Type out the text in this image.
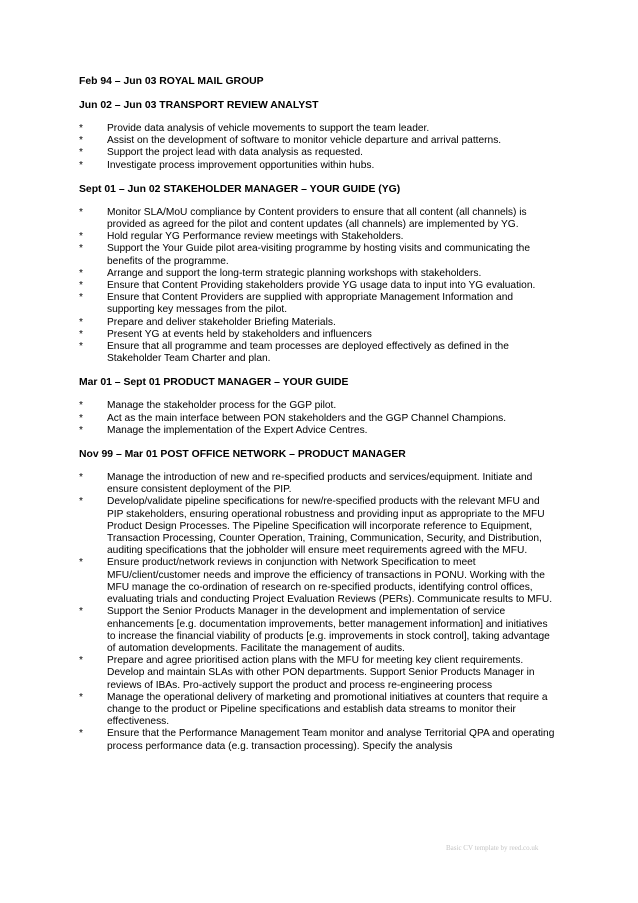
Feb 94 – Jun 03 ROYAL MAIL GROUP

Jun 02 – Jun 03 TRANSPORT REVIEW ANALYST

*	Provide data analysis of vehicle movements to support the team leader.
*	Assist on the development of software to monitor vehicle departure and arrival patterns.
*	Support the project lead with data analysis as requested.
*	Investigate process improvement opportunities within hubs.

Sept 01 – Jun 02 STAKEHOLDER MANAGER – YOUR GUIDE (YG)

*	Monitor SLA/MoU compliance by Content providers to ensure that all content (all channels) is provided as agreed for the pilot and content updates (all channels) are implemented by YG.
*	Hold regular YG Performance review meetings with Stakeholders.
*	Support the Your Guide pilot area-visiting programme by hosting visits and communicating the benefits of the programme.
*	Arrange and support the long-term strategic planning workshops with stakeholders.
*	Ensure that Content Providing stakeholders provide YG usage data to input into YG evaluation.
*	Ensure that Content Providers are supplied with appropriate Management Information and supporting key messages from the pilot.
*	Prepare and deliver stakeholder Briefing Materials.
*	Present YG at events held by stakeholders and influencers
*	Ensure that all programme and team processes are deployed effectively as defined in the Stakeholder Team Charter and plan.

Mar 01 – Sept 01 PRODUCT MANAGER – YOUR GUIDE

*	Manage the stakeholder process for the GGP pilot.
*	Act as the main interface between PON stakeholders and the GGP Channel Champions.
*	Manage the implementation of the Expert Advice Centres.

Nov 99 – Mar 01 POST OFFICE NETWORK – PRODUCT MANAGER

*	Manage the introduction of new and re-specified products and services/equipment. Initiate and ensure consistent deployment of the PIP.
*	Develop/validate pipeline specifications for new/re-specified products with the relevant MFU and PIP stakeholders, ensuring operational robustness and providing input as appropriate to the MFU Product Design Processes. The Pipeline Specification will incorporate reference to Equipment, Transaction Processing, Counter Operation, Training, Communication, Security, and Distribution, auditing specifications that the jobholder will ensure meet requirements agreed with the MFU.
*	Ensure product/network reviews in conjunction with Network Specification to meet MFU/client/customer needs and improve the efficiency of transactions in PONU. Working with the MFU manage the co-ordination of research on re-specified products, identifying control offices, evaluating trials and conducting Project Evaluation Reviews (PERs). Communicate results to MFU.
*	Support the Senior Products Manager in the development and implementation of service enhancements [e.g. documentation improvements, better management information] and initiatives to increase the financial viability of products [e.g. improvements in stock control], taking advantage of automation developments. Facilitate the management of audits.
*	Prepare and agree prioritised action plans with the MFU for meeting key client requirements. Develop and maintain SLAs with other PON departments. Support Senior Products Manager in reviews of IBAs. Pro-actively support the product and process re-engineering process
*	Manage the operational delivery of marketing and promotional initiatives at counters that require a change to the product or Pipeline specifications and establish data streams to monitor their effectiveness.
*	Ensure that the Performance Management Team monitor and analyse Territorial QPA and operating process performance data (e.g. transaction processing). Specify the analysis
Basic CV template by reed.co.uk
